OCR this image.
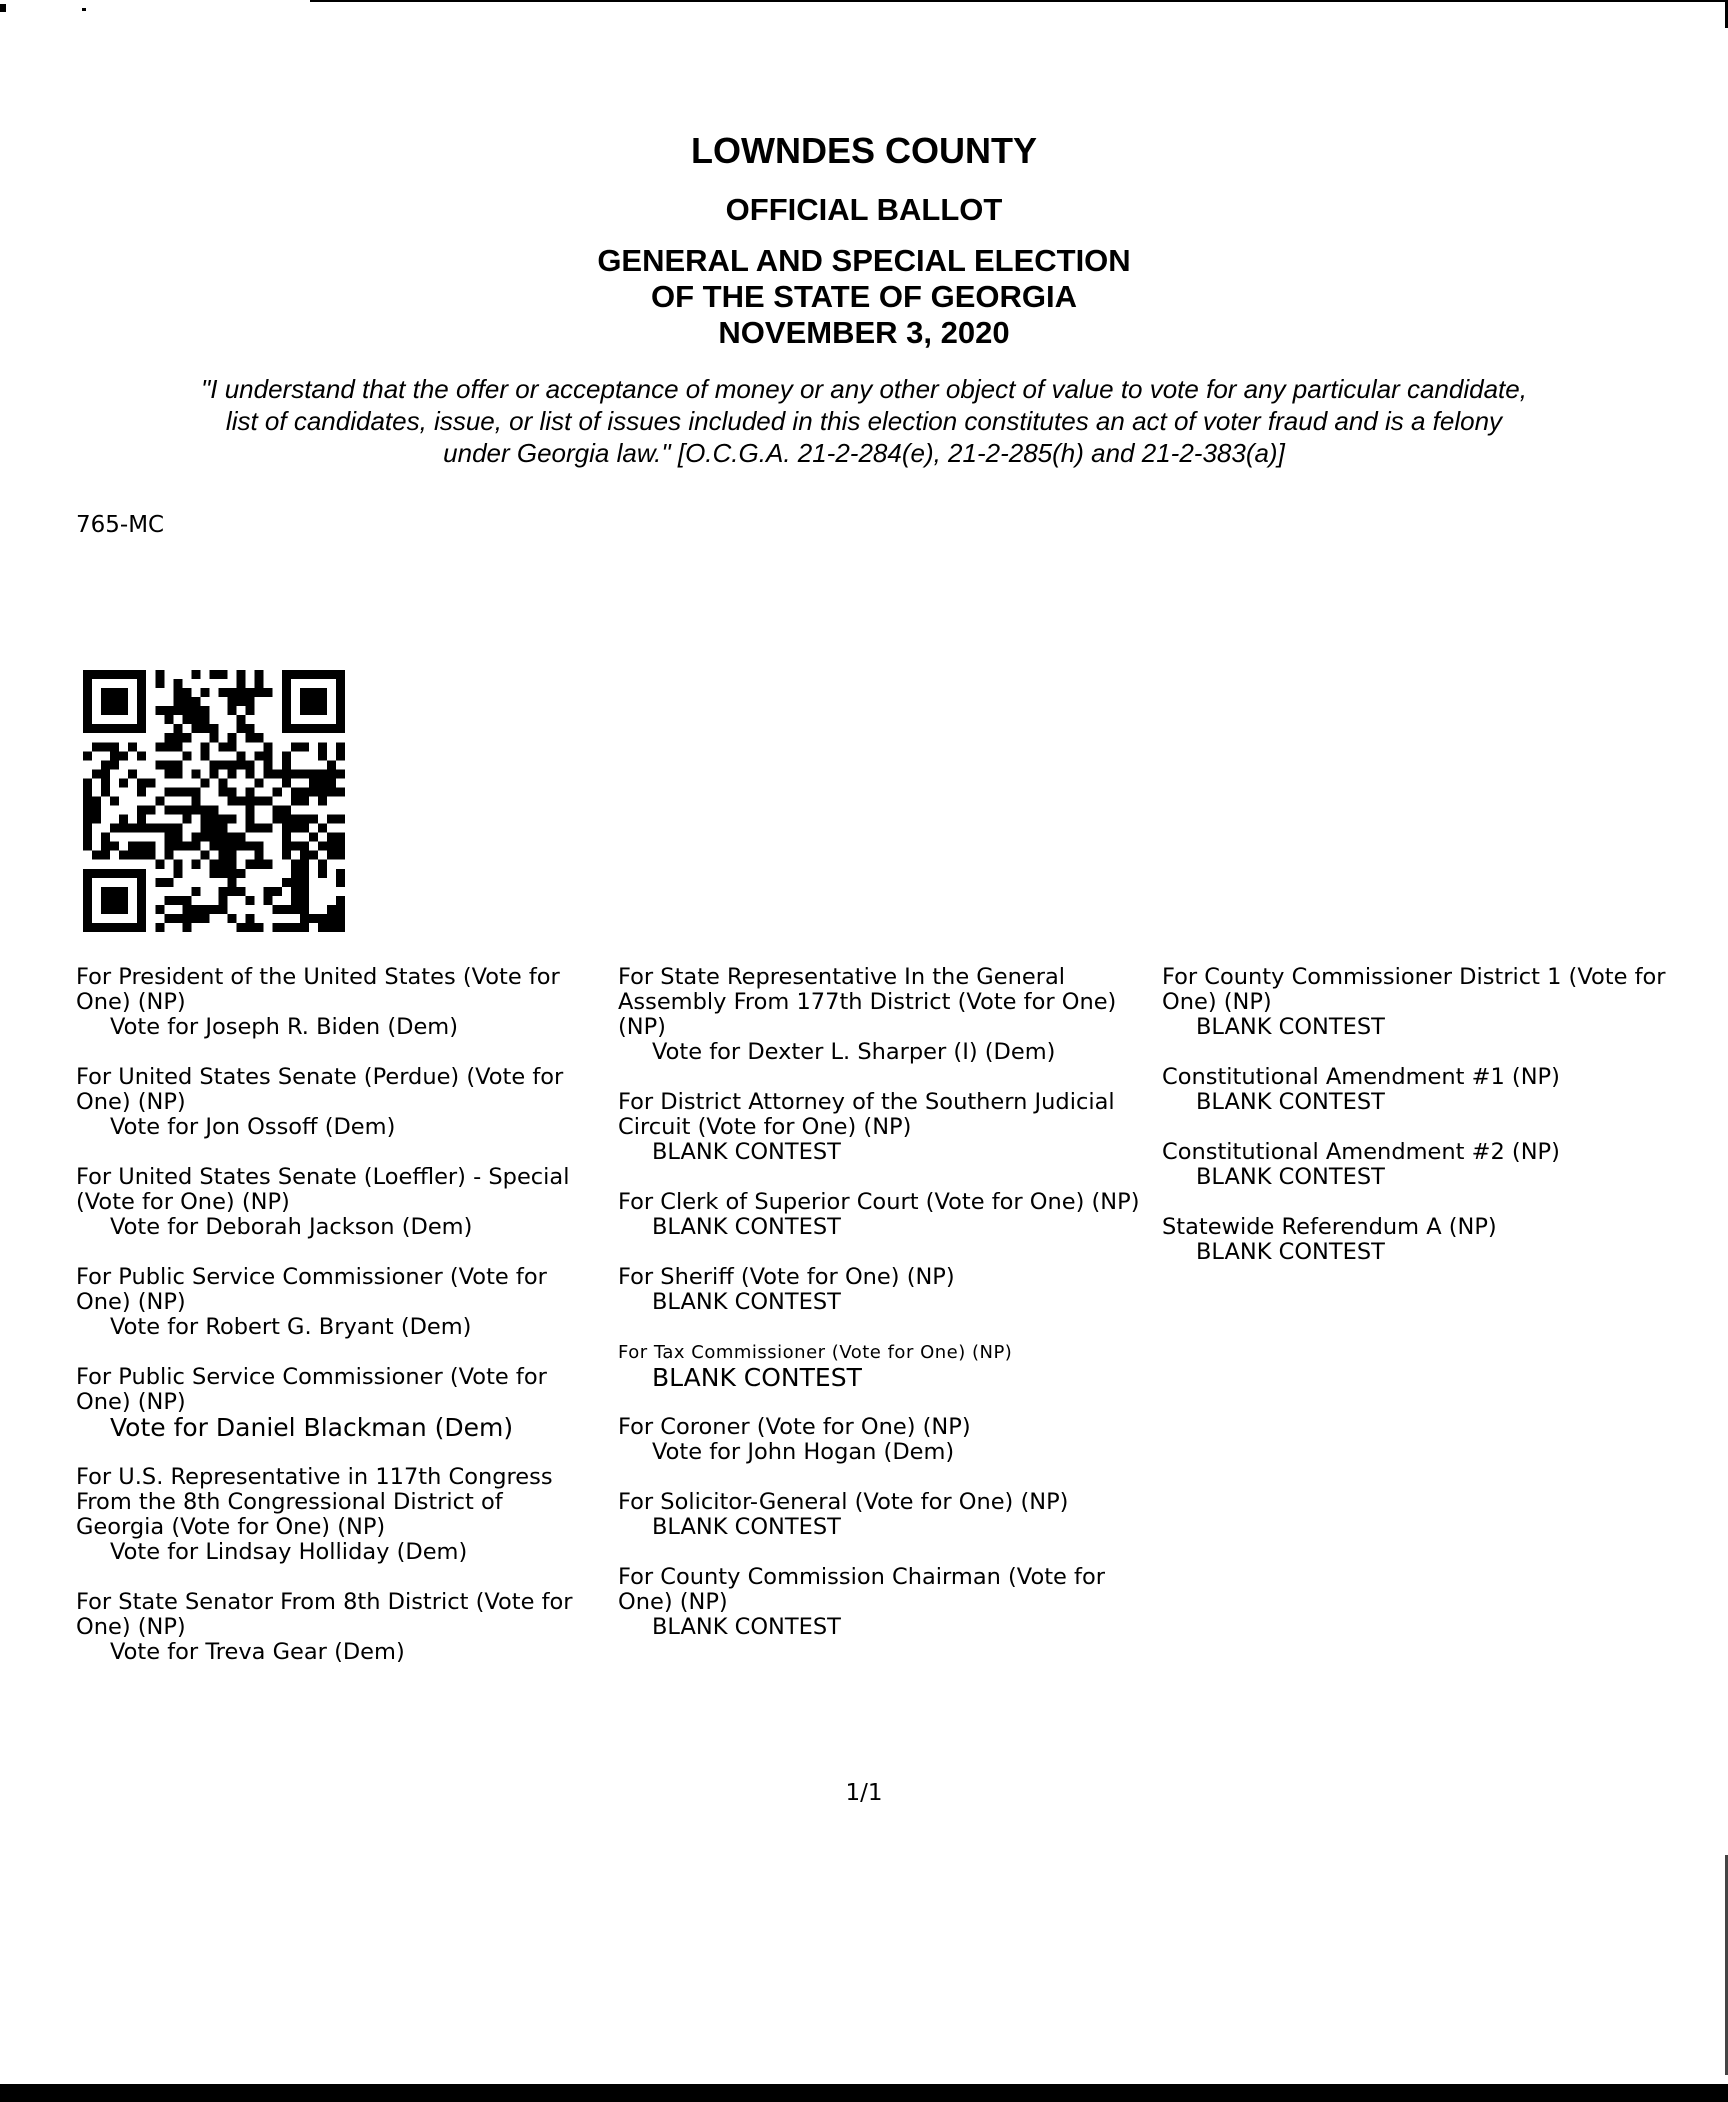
LOWNDES COUNTY
OFFICIAL BALLOT
GENERAL AND SPECIAL ELECTION
OF THE STATE OF GEORGIA
NOVEMBER 3, 2020
"I understand that the offer or acceptance of money or any other object of value to vote for any particular candidate,
list of candidates, issue, or list of issues included in this election constitutes an act of voter fraud and is a felony
under Georgia law." [O.C.G.A. 21-2-284(e), 21-2-285(h) and 21-2-383(a)]
765-MC
For President of the United States (Vote for One) (NP)
Vote for Joseph R. Biden (Dem)
For United States Senate (Perdue) (Vote for One) (NP)
Vote for Jon Ossoff (Dem)
For United States Senate (Loeffler) - Special (Vote for One) (NP)
Vote for Deborah Jackson (Dem)
For Public Service Commissioner (Vote for One) (NP)
Vote for Robert G. Bryant (Dem)
For Public Service Commissioner (Vote for One) (NP)
Vote for Daniel Blackman (Dem)
For U.S. Representative in 117th Congress From the 8th Congressional District of Georgia (Vote for One) (NP)
Vote for Lindsay Holliday (Dem)
For State Senator From 8th District (Vote for One) (NP)
Vote for Treva Gear (Dem)
For State Representative In the General Assembly From 177th District (Vote for One) (NP)
Vote for Dexter L. Sharper (I) (Dem)
For District Attorney of the Southern Judicial Circuit (Vote for One) (NP)
BLANK CONTEST
For Clerk of Superior Court (Vote for One) (NP)
BLANK CONTEST
For Sheriff (Vote for One) (NP)
BLANK CONTEST
For Tax Commissioner (Vote for One) (NP)
BLANK CONTEST
For Coroner (Vote for One) (NP)
Vote for John Hogan (Dem)
For Solicitor-General (Vote for One) (NP)
BLANK CONTEST
For County Commission Chairman (Vote for One) (NP)
BLANK CONTEST
For County Commissioner District 1 (Vote for One) (NP)
BLANK CONTEST
Constitutional Amendment #1 (NP)
BLANK CONTEST
Constitutional Amendment #2 (NP)
BLANK CONTEST
Statewide Referendum A (NP)
BLANK CONTEST
1/1
